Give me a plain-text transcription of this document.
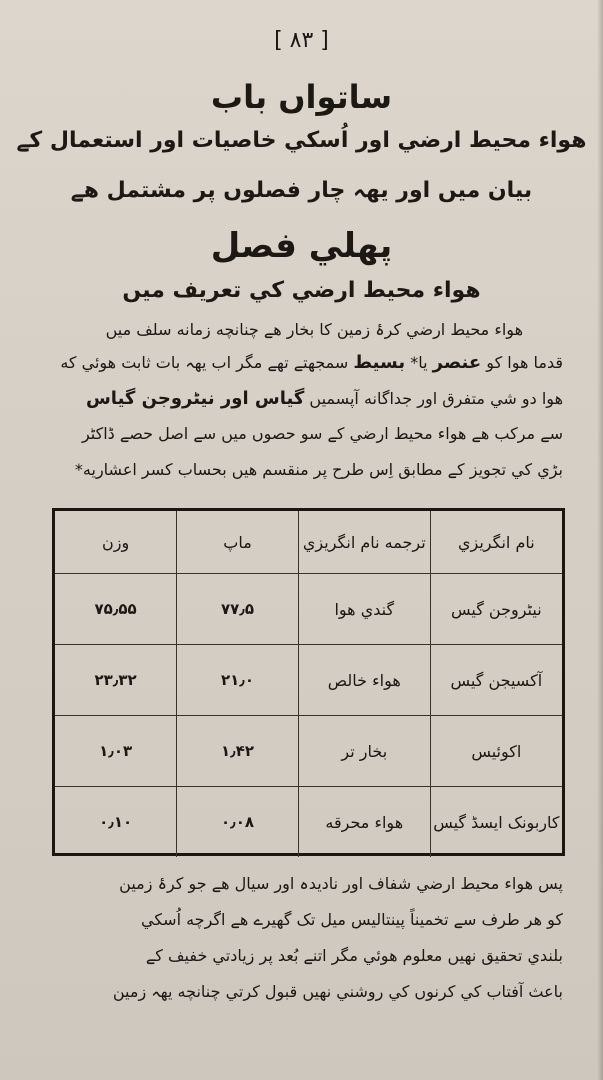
[ ۸۳ ]
ساتواں باب
هواء محيط ارضي اور اُسکي خاصيات اور استعمال کے
بيان ميں اور يهہ چار فصلوں پر مشتمل هے
پهلي فصل
هواء محيط ارضي کي تعريف ميں
هواء محيط ارضي کرۂ زمين کا بخار هے چنانچه زمانه سلف ميں
قدما هوا کو عنصر يا* بسيط سمجهتے تهے مگر اب يهہ بات ثابت هوئي که
هوا دو شي متفرق اور جداگانه آپسمیں گياس اور نيٹروجن گياس
سے مرکب هے هواء محيط ارضي کے سو حصوں ميں سے اصل حصے ڈاکٹر
بڑي کي تجويز کے مطابق اِس طرح پر منقسم هيں بحساب کسر اعشاريه*
نام انگريزي	ترجمه نام انگريزي	ماپ	وزن
نيٹروجن گيس	گندي هوا	۷۷٫۵	۷۵٫۵۵
آکسيجن گيس	هواء خالص	۲۱٫۰	۲۳٫۳۲
اکوئيس	بخار تر	۱٫۴۲	۱٫۰۳
کاربونک ايسڈ گيس	هواء محرقه	۰٫۰۸	۰٫۱۰
پس هواء محيط ارضي شفاف اور نادیدہ اور سيال هے جو کرۂ زمين
کو هر طرف سے تخميناً پينتاليس ميل تک گهيرے هے اگرچه اُسکي
بلندي تحقيق نهيں معلوم هوئي مگر اتنے بُعد پر زيادتي خفيف کے
باعث آفتاب کي کرنوں کي روشني نهيں قبول کرتي چنانچه يهہ زمين
